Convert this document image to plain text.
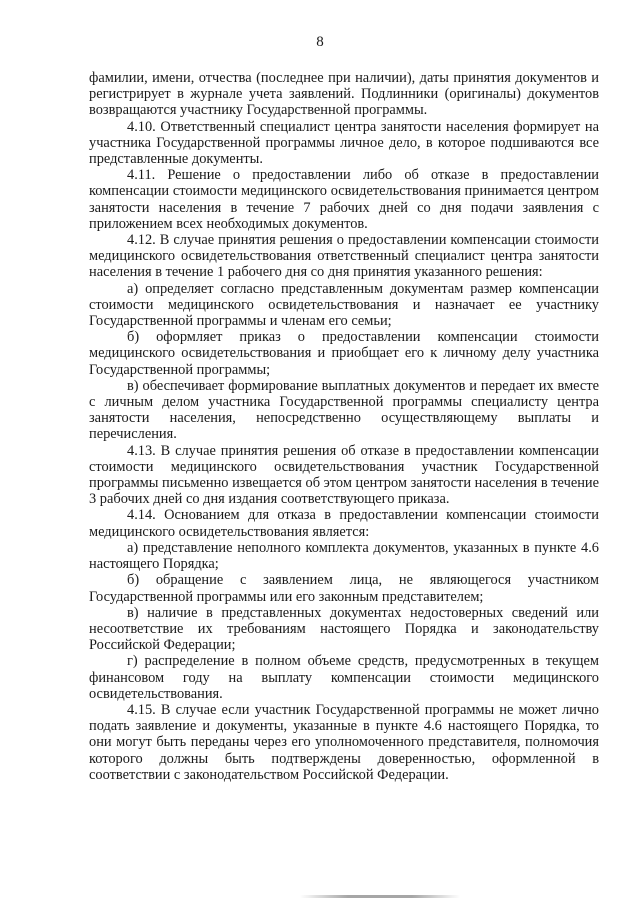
8

фамилии, имени, отчества (последнее при наличии), даты принятия документов и регистрирует в журнале учета заявлений. Подлинники (оригиналы) документов возвращаются участнику Государственной программы.

4.10. Ответственный специалист центра занятости населения формирует на участника Государственной программы личное дело, в которое подшиваются все представленные документы.

4.11. Решение о предоставлении либо об отказе в предоставлении компенсации стоимости медицинского освидетельствования принимается центром занятости населения в течение 7 рабочих дней со дня подачи заявления с приложением всех необходимых документов.

4.12. В случае принятия решения о предоставлении компенсации стоимости медицинского освидетельствования ответственный специалист центра занятости населения в течение 1 рабочего дня со дня принятия указанного решения:

а) определяет согласно представленным документам размер компенсации стоимости медицинского освидетельствования и назначает ее участнику Государственной программы и членам его семьи;

б) оформляет приказ о предоставлении компенсации стоимости медицинского освидетельствования и приобщает его к личному делу участника Государственной программы;

в) обеспечивает формирование выплатных документов и передает их вместе с личным делом участника Государственной программы специалисту центра занятости населения, непосредственно осуществляющему выплаты и перечисления.

4.13. В случае принятия решения об отказе в предоставлении компенсации стоимости медицинского освидетельствования участник Государственной программы письменно извещается об этом центром занятости населения в течение 3 рабочих дней со дня издания соответствующего приказа.

4.14. Основанием для отказа в предоставлении компенсации стоимости медицинского освидетельствования является:

а) представление неполного комплекта документов, указанных в пункте 4.6 настоящего Порядка;

б) обращение с заявлением лица, не являющегося участником Государственной программы или его законным представителем;

в) наличие в представленных документах недостоверных сведений или несоответствие их требованиям настоящего Порядка и законодательству Российской Федерации;

г) распределение в полном объеме средств, предусмотренных в текущем финансовом году на выплату компенсации стоимости медицинского освидетельствования.

4.15. В случае если участник Государственной программы не может лично подать заявление и документы, указанные в пункте 4.6 настоящего Порядка, то они могут быть переданы через его уполномоченного представителя, полномочия которого должны быть подтверждены доверенностью, оформленной в соответствии с законодательством Российской Федерации.
